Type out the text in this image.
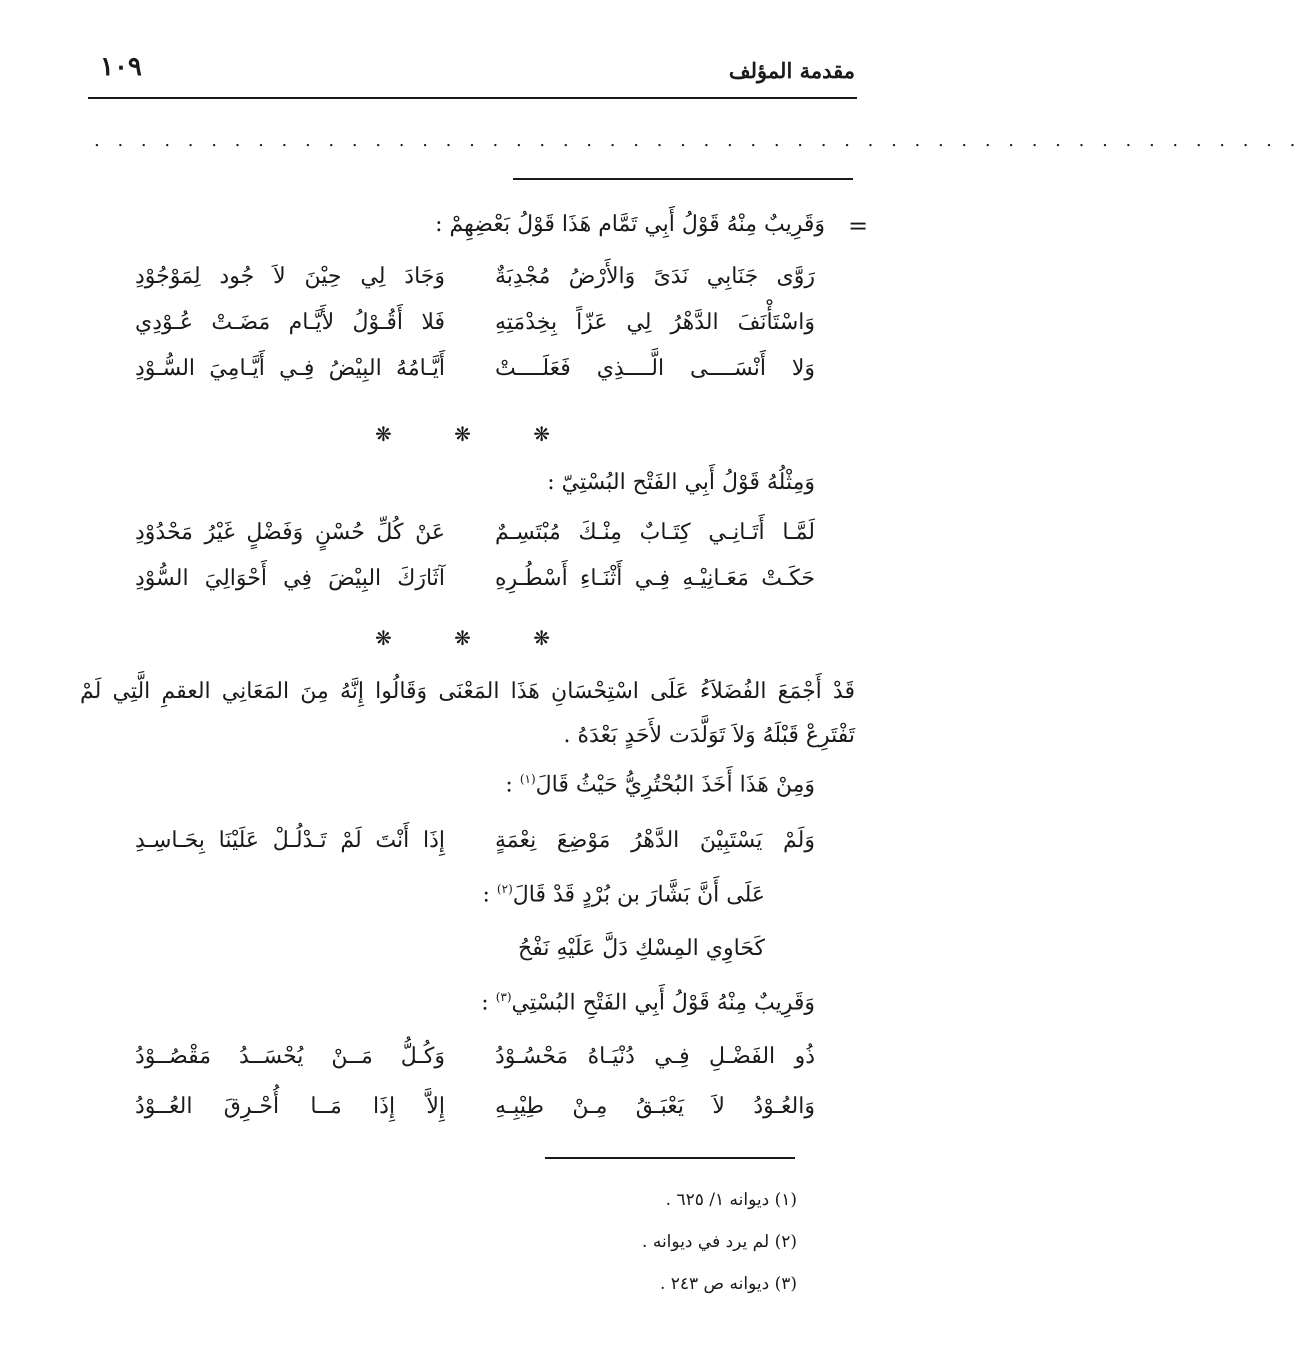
مقدمة المؤلف
١٠٩
. . . . . . . . . . . . . . . . . . . . . . . . . . . . . . . . . . . . . . . . . . . . . . . . . . . .
=
وَقَرِيبٌ مِنْهُ قَوْلُ أَبِي تَمَّام هَذَا قَوْلُ بَعْضِهِمْ :
رَوَّى جَنَابِي نَدَىً وَالأَرْضُ مُجْدِبَةٌ
وَجَادَ لِي حِيْنَ لاَ جُود لِمَوْجُوْدِ
وَاسْتَأْنَفَ الدَّهْرُ لِي عَزّاً بِخِدْمَتِهِ
فَلا أَقُـوْلُ لأَيَّـام مَضَـتْ عُـوْدِي
وَلا أَنْسَــــى الَّــــذِي فَعَلَــــتْ
أَيَّـامُهُ البِيْضُ فِـي أَيَّـامِيَ السُّـوْدِ
❋ ❋ ❋
وَمِثْلُهُ قَوْلُ أَبِي الفَتْح البُسْتِيّ :
لَمَّـا أَتَـانِـي كِتَـابٌ مِنْـكَ مُبْتَسِـمٌ
عَنْ كُلِّ حُسْنٍ وَفَضْلٍ غَيْرُ مَحْدُوْدِ
حَكَـتْ مَعَـانِيْـهِ فِـي أَثْنَـاءِ أَسْطُـرِهِ
آثَارَكَ البِيْضَ فِي أَحْوَالِيَ السُّوْدِ
❋ ❋ ❋
قَدْ أَجْمَعَ الفُضَلاَءُ عَلَى اسْتِحْسَانِ هَذَا المَعْنَى وَقَالُوا إِنَّهُ مِنَ المَعَانِي العقمِ الَّتِي لَمْ تَفْتَرِعْ قَبْلَهُ وَلاَ تَوَلَّدَت لأَحَدٍ بَعْدَهُ .
وَمِنْ هَذَا أَخَذَ البُحْتُرِيُّ حَيْثُ قَالَ$^{(١)}$ :
وَلَمْ يَسْتَبِيْنَ الدَّهْرُ مَوْضِعَ نِعْمَةٍ
إِذَا أَنْتَ لَمْ تَـدْلُـلْ عَلَيْنَا بِحَـاسِـدِ
عَلَى أَنَّ بَشَّارَ بن بُرْدٍ قَدْ قَالَ$^{(٢)}$ :
كَحَاوِي المِسْكِ دَلَّ عَلَيْهِ نَفْحُ
وَقَرِيبٌ مِنْهُ قَوْلُ أَبِي الفَتْحِ البُسْتِي$^{(٣)}$ :
ذُو الفَضْـلِ فِـي دُنْيَـاهُ مَحْسُـوْدُ
وَكُـلُّ مَــنْ يُحْسَــدُ مَقْصُــوْدُ
وَالعُـوْدُ لاَ يَعْبَـقُ مِـنْ طِيْبِـهِ
إِلاَّ إِذَا مَــا أُحْـرِقَ العُــوْدُ
(١) ديوانه ١/ ٦٢٥ .
(٢) لم يرد في ديوانه .
(٣) ديوانه ص ٢٤٣ .
